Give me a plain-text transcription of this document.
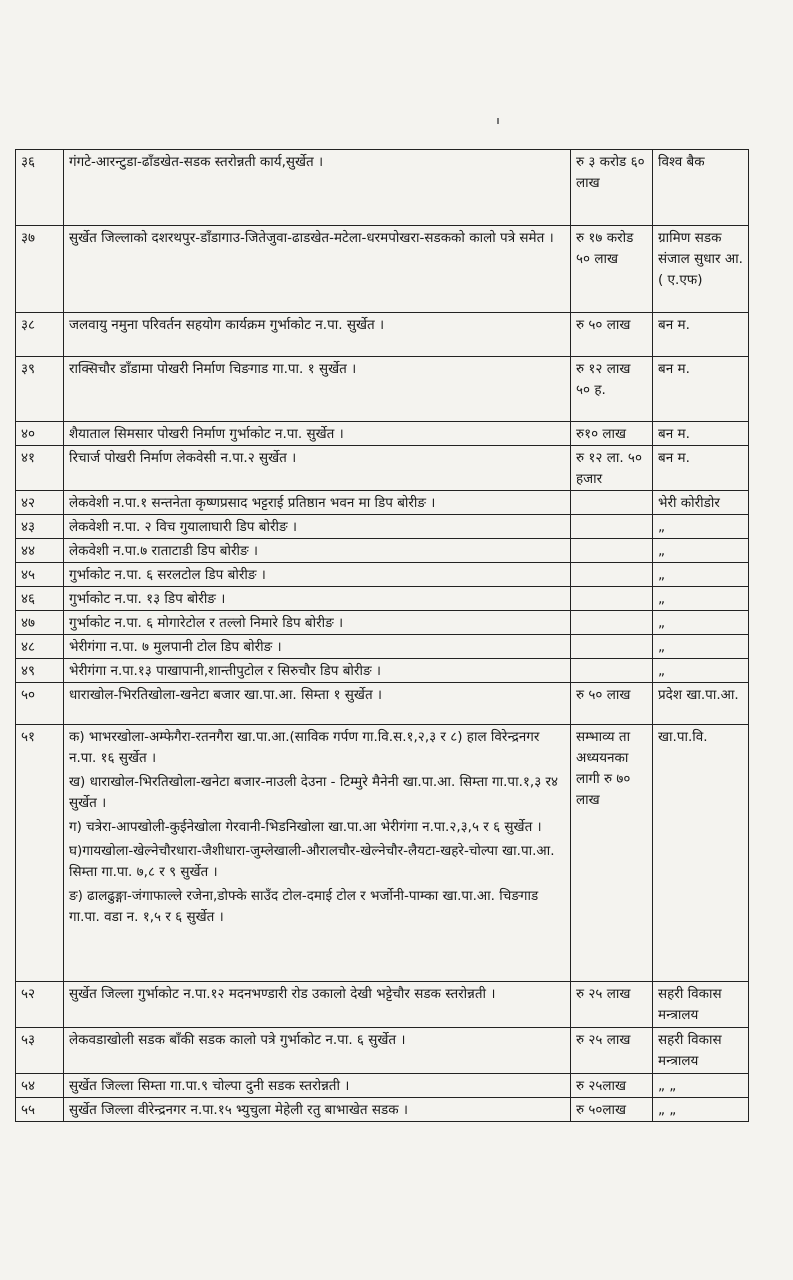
३६	गंगटे-आरन्टुडा-ढाँडखेत-सडक स्तरोन्नती कार्य,सुर्खेत ।	रु ३ करोड ६० लाख	विश्व बैक
३७	सुर्खेत जिल्लाको दशरथपुर-डाँडागाउ-जितेजुवा-ढाडखेत-मटेला-धरमपोखरा-सडकको कालो पत्रे समेत ।	रु १७ करोड ५० लाख	ग्रामिण सडक संजाल सुधार आ.( ए.एफ)
३८	जलवायु नमुना परिवर्तन सहयोग कार्यक्रम गुर्भाकोट न.पा. सुर्खेत ।	रु ५० लाख	बन म.
३९	राक्सिचौर डाँडामा पोखरी निर्माण चिङगाड गा.पा. १ सुर्खेत ।	रु १२ लाख ५० ह.	बन म.
४०	शैयाताल सिमसार पोखरी निर्माण गुर्भाकोट न.पा. सुर्खेत ।	रु१० लाख	बन म.
४१	रिचार्ज पोखरी निर्माण लेकवेसी न.पा.२ सुर्खेत ।	रु १२ ला. ५० हजार	बन म.
४२	लेकवेशी न.पा.१ सन्तनेता कृष्णप्रसाद भट्टराई प्रतिष्ठान भवन मा डिप बोरीङ ।		भेरी कोरीडोर
४३	लेकवेशी न.पा. २ विच गुयालाघारी डिप बोरीङ ।		„
४४	लेकवेशी न.पा.७ राताटाडी डिप बोरीङ ।		„
४५	गुर्भाकोट न.पा. ६ सरलटोल डिप बोरीङ ।		„
४६	गुर्भाकोट न.पा. १३ डिप बोरीङ ।		„
४७	गुर्भाकोट न.पा. ६ मोगारेटोल र तल्लो निमारे डिप बोरीङ ।		„
४८	भेरीगंगा न.पा. ७ मुलपानी टोल डिप बोरीङ ।		„
४९	भेरीगंगा न.पा.१३ पाखापानी,शान्तीपुटोल र सिरुचौर डिप बोरीङ ।		„
५०	धाराखोल-भिरतिखोला-खनेटा बजार खा.पा.आ. सिम्ता १ सुर्खेत ।	रु ५० लाख	प्रदेश खा.पा.आ.
५१	क) भाभरखोला-अम्फेगैरा-रतनगैरा खा.पा.आ.(साविक गर्पण गा.वि.स.१,२,३ र ८) हाल विरेन्द्रनगर न.पा. १६ सुर्खेत ।
ख) धाराखोल-भिरतिखोला-खनेटा बजार-नाउली देउना - टिम्मुरे मैनेनी खा.पा.आ. सिम्ता गा.पा.१,३ र४ सुर्खेत ।
ग) चत्रेरा-आपखोली-कुईनेखोला गेरवानी-भिडनिखोला खा.पा.आ भेरीगंगा न.पा.२,३,५ र ६ सुर्खेत ।
घ)गायखोला-खेल्नेचौरधारा-जैशीधारा-जुम्लेखाली-औरालचौर-खेल्नेचौर-लैयटा-खहरे-चोल्पा खा.पा.आ. सिम्ता गा.पा. ७,८ र ९ सुर्खेत ।
ङ) ढालढुङ्गा-जंगाफाल्ले रजेना,डोफ्के साउँद टोल-दमाई टोल र भर्जोनी-पाम्का खा.पा.आ. चिङगाड गा.पा. वडा न. १,५ र ६ सुर्खेत ।	सम्भाव्य ता अध्ययनका लागी रु ७० लाख	खा.पा.वि.
५२	सुर्खेत जिल्ला गुर्भाकोट न.पा.१२ मदनभण्डारी रोड उकालो देखी भट्टेचौर सडक स्तरोन्नती ।	रु २५ लाख	सहरी विकास मन्त्रालय
५३	लेकवडाखोली सडक बाँकी सडक कालो पत्रे गुर्भाकोट न.पा. ६ सुर्खेत ।	रु २५ लाख	सहरी विकास मन्त्रालय
५४	सुर्खेत जिल्ला सिम्ता गा.पा.९ चोल्पा दुनी सडक स्तरोन्नती ।	रु २५लाख	„ „
५५	सुर्खेत जिल्ला वीरेन्द्रनगर न.पा.१५ भ्युचुला मेहेली रतु बाभाखेत सडक ।	रु ५०लाख	„ „
